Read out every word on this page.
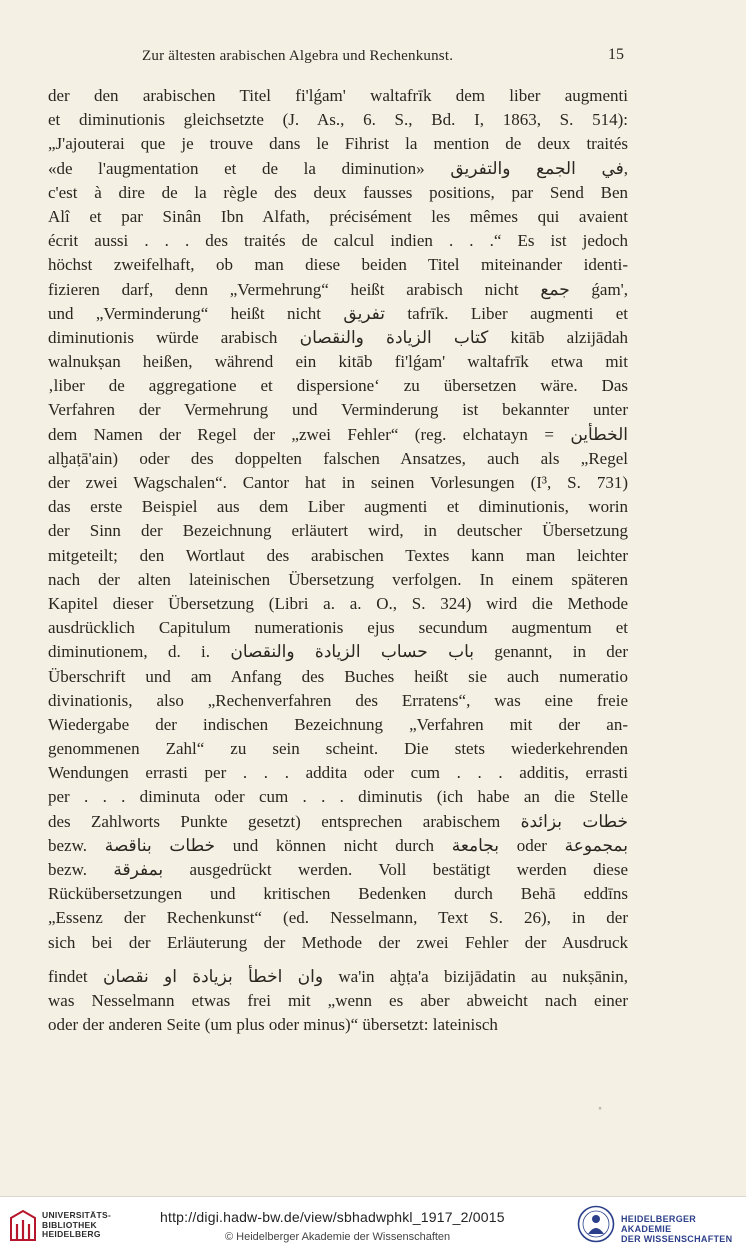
Zur ältesten arabischen Algebra und Rechenkunst.	15
der den arabischen Titel fi'lǵam' waltafrīk dem liber augmenti
et diminutionis gleichsetzte (J. As., 6. S., Bd. I, 1863, S. 514):
„J'ajouterai que je trouve dans le Fihrist la mention de deux traités
«de l'augmentation et de la diminution» في الجمع والتفريق,
c'est à dire de la règle des deux fausses positions, par Send Ben
Alî et par Sinân Ibn Alfath, précisément les mêmes qui avaient
écrit aussi . . . des traités de calcul indien . . .“ Es ist jedoch
höchst zweifelhaft, ob man diese beiden Titel miteinander identi-
fizieren darf, denn „Vermehrung“ heißt arabisch nicht جمع ǵam',
und „Verminderung“ heißt nicht تفريق tafrīk. Liber augmenti et
diminutionis würde arabisch كتاب الزيادة والنقصان kitāb alzijādah
walnukṣan heißen, während ein kitāb fi'lǵam' waltafrīk etwa mit
‚liber de aggregatione et dispersione‘ zu übersetzen wäre. Das
Verfahren der Vermehrung und Verminderung ist bekannter unter
dem Namen der Regel der „zwei Fehler“ (reg. elchatayn = الخطأين
alḫaṭā'ain) oder des doppelten falschen Ansatzes, auch als „Regel
der zwei Wagschalen“. Cantor hat in seinen Vorlesungen (I³, S. 731)
das erste Beispiel aus dem Liber augmenti et diminutionis, worin
der Sinn der Bezeichnung erläutert wird, in deutscher Übersetzung
mitgeteilt; den Wortlaut des arabischen Textes kann man leichter
nach der alten lateinischen Übersetzung verfolgen. In einem späteren
Kapitel dieser Übersetzung (Libri a. a. O., S. 324) wird die Methode
ausdrücklich Capitulum numerationis ejus secundum augmentum et
diminutionem, d. i. باب حساب الزيادة والنقصان genannt, in der
Überschrift und am Anfang des Buches heißt sie auch numeratio
divinationis, also „Rechenverfahren des Erratens“, was eine freie
Wiedergabe der indischen Bezeichnung „Verfahren mit der an-
genommenen Zahl“ zu sein scheint. Die stets wiederkehrenden
Wendungen errasti per . . . addita oder cum . . . additis, errasti
per . . . diminuta oder cum . . . diminutis (ich habe an die Stelle
des Zahlworts Punkte gesetzt) entsprechen arabischem خطات بزائدة
bezw. خطات بناقصة und können nicht durch بجامعة oder بمجموعة
bezw. بمفرقة ausgedrückt werden. Voll bestätigt werden diese
Rückübersetzungen und kritischen Bedenken durch Behā eddīns
„Essenz der Rechenkunst“ (ed. Nesselmann, Text S. 26), in der
sich bei der Erläuterung der Methode der zwei Fehler der Ausdruck
findet وان اخطأ بزيادة او نقصان wa'in aḫṭa'a bizijādatin au nukṣānin,
was Nesselmann etwas frei mit „wenn es aber abweicht nach einer
oder der anderen Seite (um plus oder minus)“ übersetzt: lateinisch
°
UNIVERSITÄTS-
BIBLIOTHEK
HEIDELBERG
http://digi.hadw-bw.de/view/sbhadwphkl_1917_2/0015
© Heidelberger Akademie der Wissenschaften
HEIDELBERGER AKADEMIE
DER WISSENSCHAFTEN
